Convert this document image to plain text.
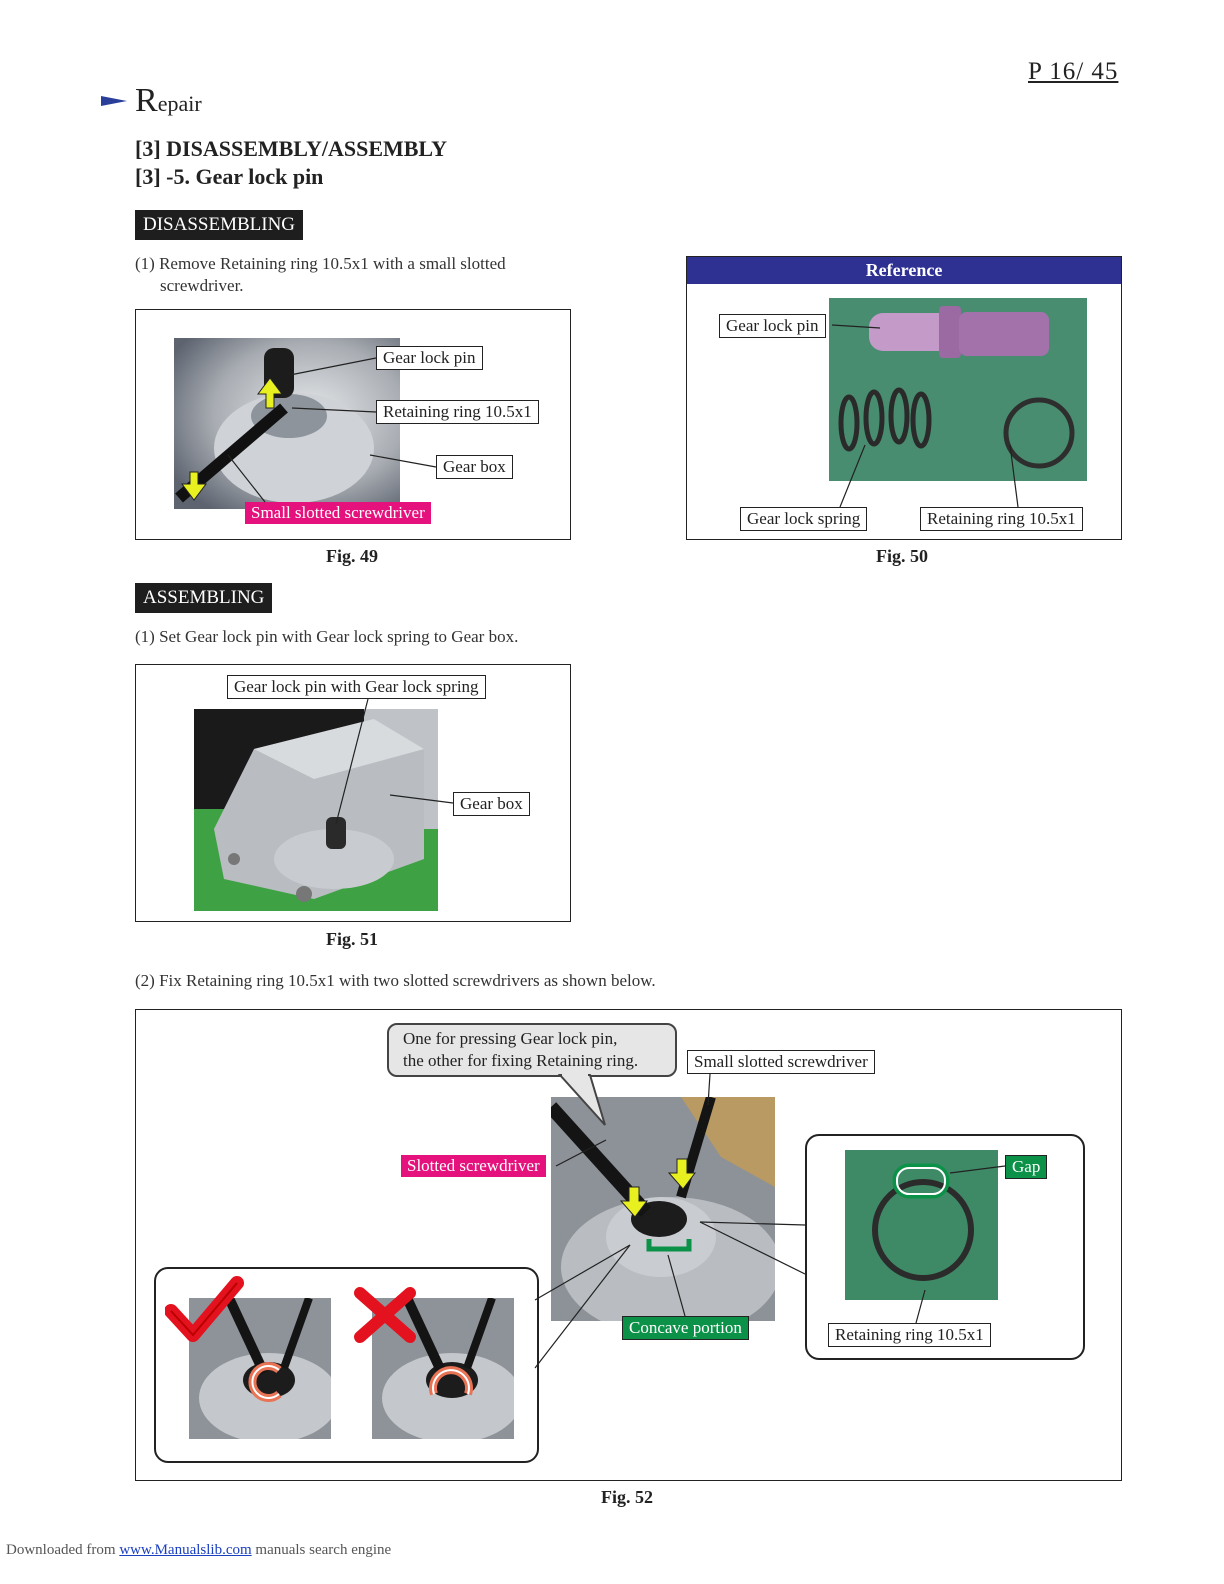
P 16/ 45
Repair
[3] DISASSEMBLY/ASSEMBLY
[3] -5. Gear lock pin
DISASSEMBLING
(1) Remove Retaining ring 10.5x1 with a small slotted
screwdriver.
Gear lock pin
Retaining ring 10.5x1
Gear box
Small slotted screwdriver
Fig. 49
Reference
Gear lock pin
Gear lock spring	Retaining ring 10.5x1
Fig. 50
ASSEMBLING
(1) Set Gear lock pin with Gear lock spring to Gear box.
Gear lock pin with Gear lock spring
Gear box
Fig. 51
(2) Fix Retaining ring 10.5x1 with two slotted screwdrivers as shown below.
One for pressing Gear lock pin,
the other for fixing Retaining ring.	Small slotted screwdriver
Slotted screwdriver
Concave portion
Gap
Retaining ring 10.5x1
Fig. 52
Downloaded from www.Manualslib.com manuals search engine
